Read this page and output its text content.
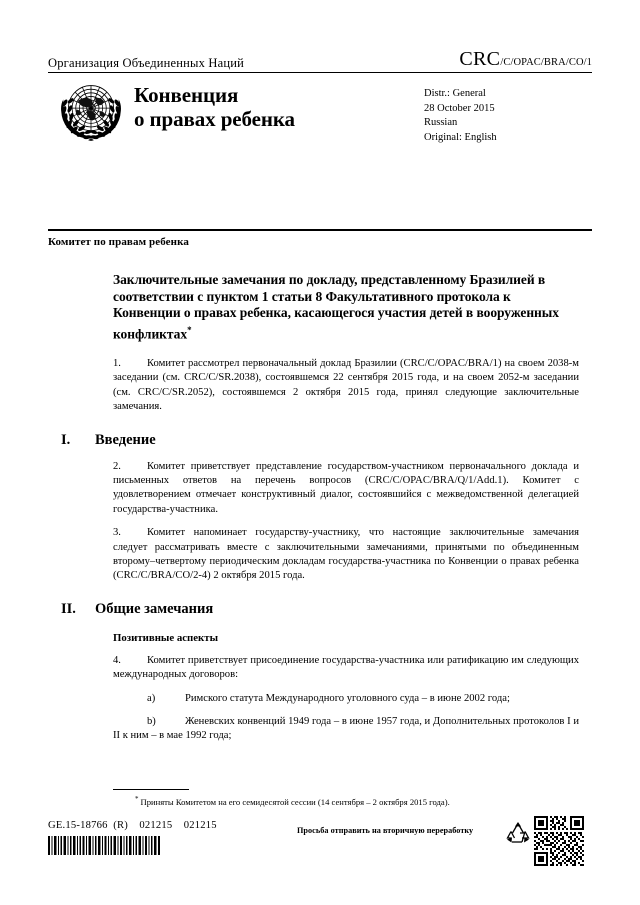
Организация Объединенных Наций	CRC/C/OPAC/BRA/CO/1
Конвенция
о правах ребенка
Distr.: General
28 October 2015
Russian
Original: English
Комитет по правам ребенка
Заключительные замечания по докладу, представленному Бразилией в соответствии с пунктом 1 статьи 8 Факультативного протокола к Конвенции о правах ребенка, касающегося участия детей в вооруженных конфликтах*

1. Комитет рассмотрел первоначальный доклад Бразилии (CRC/C/OPAC/BRA/1) на своем 2038-м заседании (см. CRC/C/SR.2038), состоявшемся 22 сентября 2015 года, и на своем 2052-м заседании (см. CRC/C/SR.2052), состоявшемся 2 октября 2015 года, принял следующие заключительные замечания.

I.	Введение

2. Комитет приветствует представление государством-участником первоначального доклада и письменных ответов на перечень вопросов (CRC/C/OPAC/BRA/Q/1/Add.1). Комитет с удовлетворением отмечает конструктивный диалог, состоявшийся с межведомственной делегацией государства-участника.

3. Комитет напоминает государству-участнику, что настоящие заключительные замечания следует рассматривать вместе с заключительными замечаниями, принятыми по объединенным второму–четвертому периодическим докладам государства-участника по Конвенции о правах ребенка (CRC/C/BRA/CO/2-4) 2 октября 2015 года.

II.	Общие замечания
Позитивные аспекты

4. Комитет приветствует присоединение государства-участника или ратификацию им следующих международных договоров:

a)	Римского статута Международного уголовного суда – в июне 2002 года;

b)	Женевских конвенций 1949 года – в июне 1957 года, и Дополнительных протоколов I и II к ним – в мае 1992 года;

* Приняты Комитетом на его семидесятой сессии (14 сентября – 2 октября 2015 года).
GE.15-18766  (R)    021215    021215	Просьба отправить на вторичную переработку
